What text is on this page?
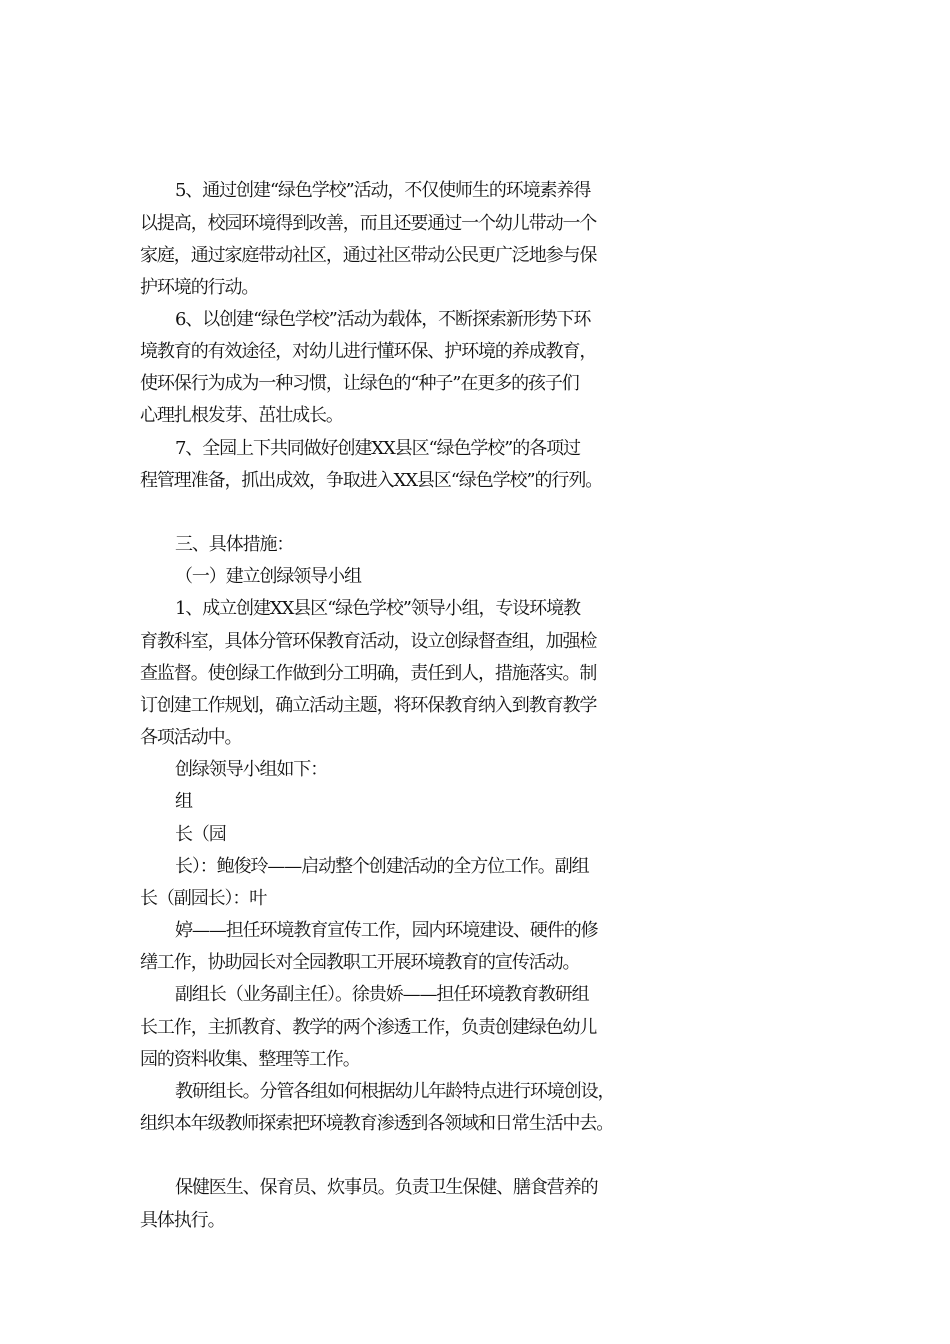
5、通过创建“绿色学校”活动，不仅使师生的环境素养得
以提高，校园环境得到改善，而且还要通过一个幼儿带动一个
家庭，通过家庭带动社区，通过社区带动公民更广泛地参与保
护环境的行动。
6、以创建“绿色学校”活动为载体，不断探索新形势下环
境教育的有效途径，对幼儿进行懂环保、护环境的养成教育，
使环保行为成为一种习惯，让绿色的“种子”在更多的孩子们
心理扎根发芽、茁壮成长。
7、全园上下共同做好创建XX县区“绿色学校”的各项过
程管理准备，抓出成效，争取进入XX县区“绿色学校”的行列。
三、具体措施：
（一）建立创绿领导小组
1、成立创建XX县区“绿色学校”领导小组，专设环境教
育教科室，具体分管环保教育活动，设立创绿督查组，加强检
查监督。使创绿工作做到分工明确，责任到人，措施落实。制
订创建工作规划，确立活动主题，将环保教育纳入到教育教学
各项活动中。
创绿领导小组如下：
组
长（园
长）：鲍俊玲——启动整个创建活动的全方位工作。副组
长（副园长）：叶
婷——担任环境教育宣传工作，园内环境建设、硬件的修
缮工作，协助园长对全园教职工开展环境教育的宣传活动。
副组长（业务副主任）。徐贵娇——担任环境教育教研组
长工作，主抓教育、教学的两个渗透工作，负责创建绿色幼儿
园的资料收集、整理等工作。
教研组长。分管各组如何根据幼儿年龄特点进行环境创设，
组织本年级教师探索把环境教育渗透到各领域和日常生活中去。
保健医生、保育员、炊事员。负责卫生保健、膳食营养的
具体执行。
